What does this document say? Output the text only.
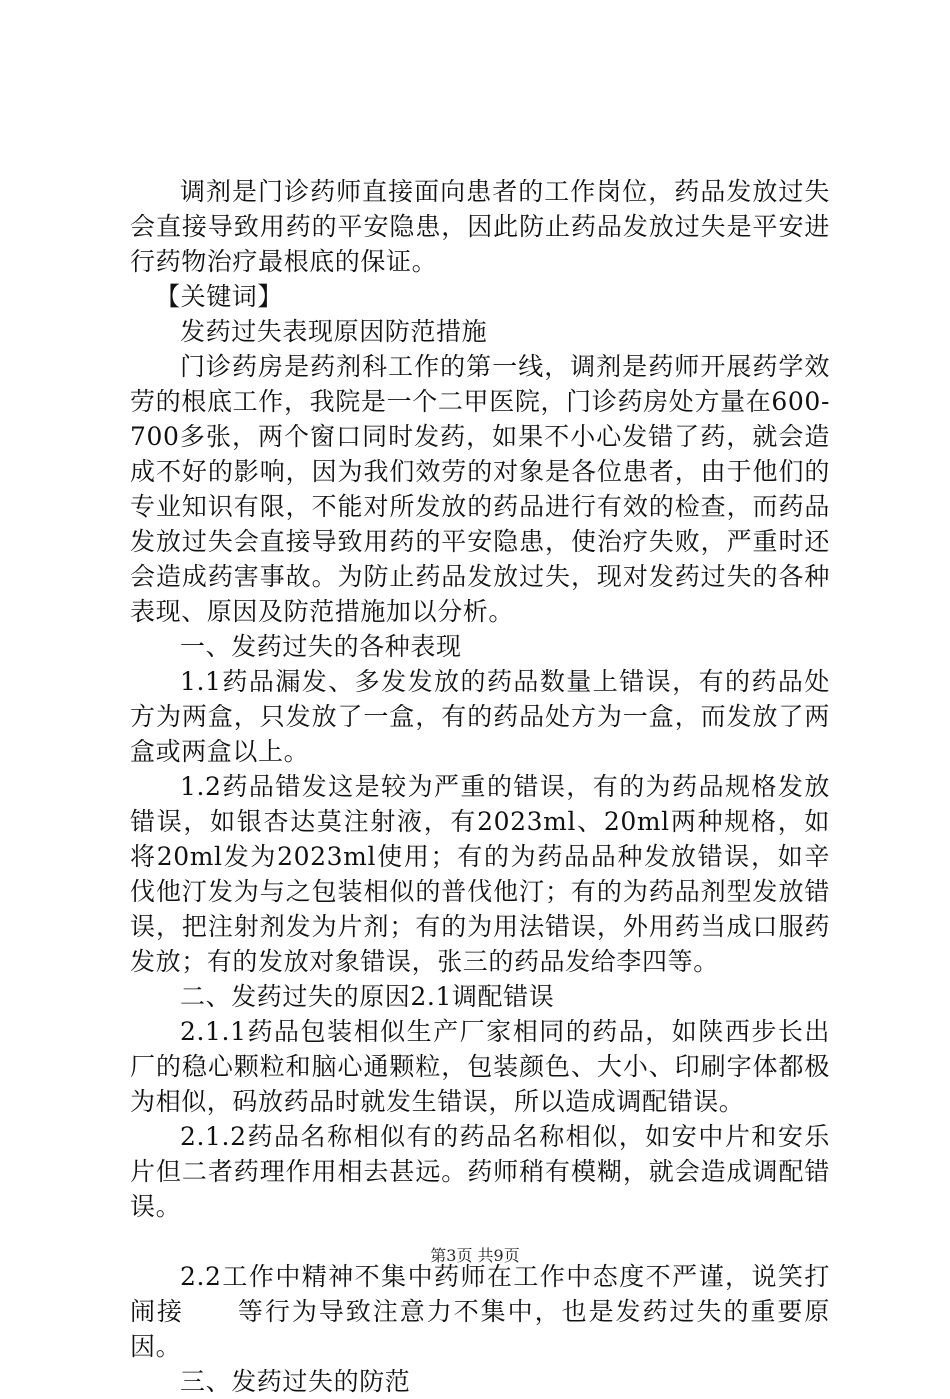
调剂是门诊药师直接面向患者的工作岗位，药品发放过失会直接导致用药的平安隐患，因此防止药品发放过失是平安进行药物治疗最根底的保证。

【关键词】

发药过失表现原因防范措施

门诊药房是药剂科工作的第一线，调剂是药师开展药学效劳的根底工作，我院是一个二甲医院，门诊药房处方量在600-700多张，两个窗口同时发药，如果不小心发错了药，就会造成不好的影响，因为我们效劳的对象是各位患者，由于他们的专业知识有限，不能对所发放的药品进行有效的检查，而药品发放过失会直接导致用药的平安隐患，使治疗失败，严重时还会造成药害事故。为防止药品发放过失，现对发药过失的各种表现、原因及防范措施加以分析。

一、发药过失的各种表现

1.1药品漏发、多发发放的药品数量上错误，有的药品处方为两盒，只发放了一盒，有的药品处方为一盒，而发放了两盒或两盒以上。

1.2药品错发这是较为严重的错误，有的为药品规格发放错误，如银杏达莫注射液，有2023ml、20ml两种规格，如将20ml发为2023ml使用；有的为药品品种发放错误，如辛伐他汀发为与之包装相似的普伐他汀；有的为药品剂型发放错误，把注射剂发为片剂；有的为用法错误，外用药当成口服药发放；有的发放对象错误，张三的药品发给李四等。

二、发药过失的原因2.1调配错误

2.1.1药品包装相似生产厂家相同的药品，如陕西步长出厂的稳心颗粒和脑心通颗粒，包装颜色、大小、印刷字体都极为相似，码放药品时就发生错误，所以造成调配错误。

2.1.2药品名称相似有的药品名称相似，如安中片和安乐片但二者药理作用相去甚远。药师稍有模糊，就会造成调配错误。

2.2工作中精神不集中药师在工作中态度不严谨，说笑打闹接　　等行为导致注意力不集中，也是发药过失的重要原因。

三、发药过失的防范

第3页 共9页
